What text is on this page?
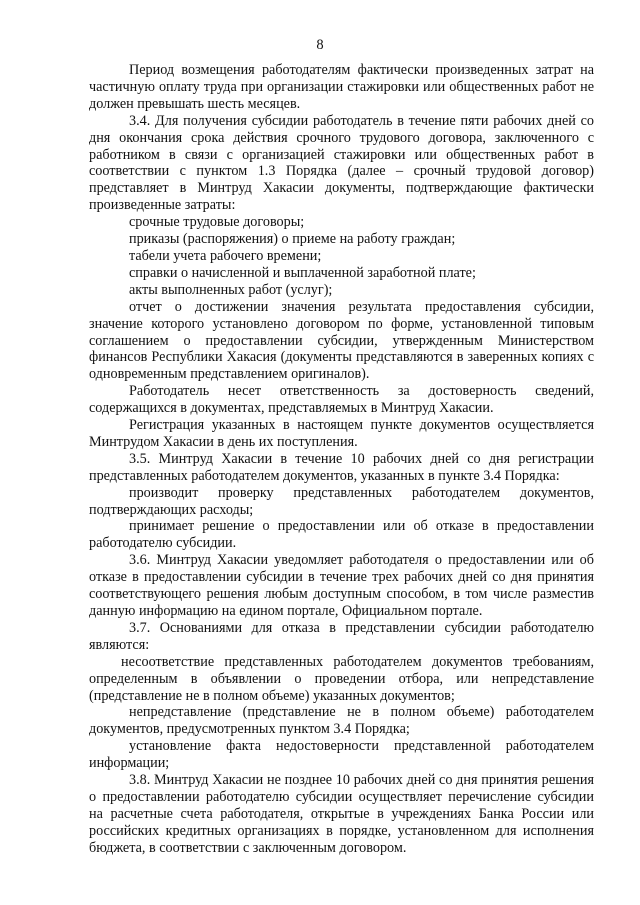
8

Период возмещения работодателям фактически произведенных затрат на частичную оплату труда при организации стажировки или общественных работ не должен превышать шесть месяцев.

3.4. Для получения субсидии работодатель в течение пяти рабочих дней со дня окончания срока действия срочного трудового договора, заключенного с работником в связи с организацией стажировки или общественных работ в соответствии с пунктом 1.3 Порядка (далее – срочный трудовой договор) представляет в Минтруд Хакасии документы, подтверждающие фактически произведенные затраты:

срочные трудовые договоры;

приказы (распоряжения) о приеме на работу граждан;

табели учета рабочего времени;

справки о начисленной и выплаченной заработной плате;

акты выполненных работ (услуг);

отчет о достижении значения результата предоставления субсидии, значение которого установлено договором по форме, установленной типовым соглашением о предоставлении субсидии, утвержденным Министерством финансов Республики Хакасия (документы представляются в заверенных копиях с одновременным представлением оригиналов).

Работодатель несет ответственность за достоверность сведений, содержащихся в документах, представляемых в Минтруд Хакасии.

Регистрация указанных в настоящем пункте документов осуществляется Минтрудом Хакасии в день их поступления.

3.5. Минтруд Хакасии в течение 10 рабочих дней со дня регистрации представленных работодателем документов, указанных в пункте 3.4 Порядка:

производит проверку представленных работодателем документов, подтверждающих расходы;

принимает решение о предоставлении или об отказе в предоставлении работодателю субсидии.

3.6. Минтруд Хакасии уведомляет работодателя о предоставлении или об отказе в предоставлении субсидии в течение трех рабочих дней со дня принятия соответствующего решения любым доступным способом, в том числе разместив данную информацию на едином портале, Официальном портале.

3.7. Основаниями для отказа в представлении субсидии работодателю являются:

несоответствие представленных работодателем документов требованиям, определенным в объявлении о проведении отбора, или непредставление (представление не в полном объеме) указанных документов;

непредставление (представление не в полном объеме) работодателем документов, предусмотренных пунктом 3.4 Порядка;

установление факта недостоверности представленной работодателем информации;

3.8. Минтруд Хакасии не позднее 10 рабочих дней со дня принятия решения о предоставлении работодателю субсидии осуществляет перечисление субсидии на расчетные счета работодателя, открытые в учреждениях Банка России или российских кредитных организациях в порядке, установленном для исполнения бюджета, в соответствии с заключенным договором.
